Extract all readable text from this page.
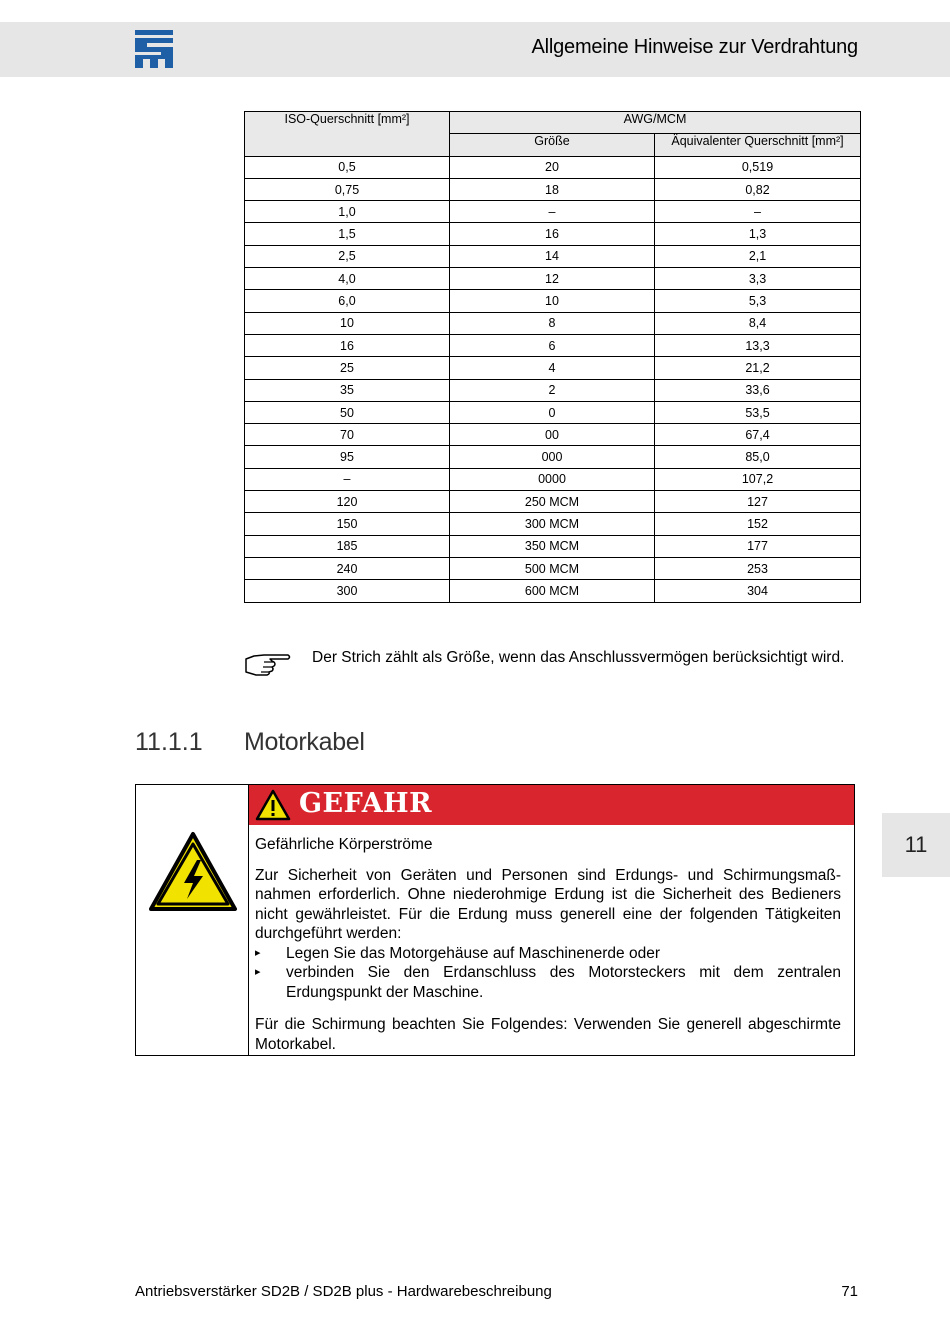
Allgemeine Hinweise zur Verdrahtung
ISO-Querschnitt [mm²]	AWG/MCM	
	Größe	Äquivalenter Querschnitt [mm²]
0,5	20	0,519
0,75	18	0,82
1,0	–	–
1,5	16	1,3
2,5	14	2,1
4,0	12	3,3
6,0	10	5,3
10	8	8,4
16	6	13,3
25	4	21,2
35	2	33,6
50	0	53,5
70	00	67,4
95	000	85,0
–	0000	107,2
120	250 MCM	127
150	300 MCM	152
185	350 MCM	177
240	500 MCM	253
300	600 MCM	304
Der Strich zählt als Größe, wenn das Anschlussvermögen berücksichtigt wird.
11.1.1 Motorkabel
GEFAHR

Gefährliche Körperströme

Zur Sicherheit von Geräten und Personen sind Erdungs- und Schirmungsmaßnahmen erforderlich. Ohne niederohmige Erdung ist die Sicherheit des Bedieners nicht gewährleistet. Für die Erdung muss generell eine der folgenden Tätigkeiten durchgeführt werden:

▸ Legen Sie das Motorgehäuse auf Maschinenerde oder
▸ verbinden Sie den Erdanschluss des Motorsteckers mit dem zentralen Erdungspunkt der Maschine.

Für die Schirmung beachten Sie Folgendes: Verwenden Sie generell abgeschirmte Motorkabel.

11
Antriebsverstärker SD2B / SD2B plus - Hardwarebeschreibung	71
